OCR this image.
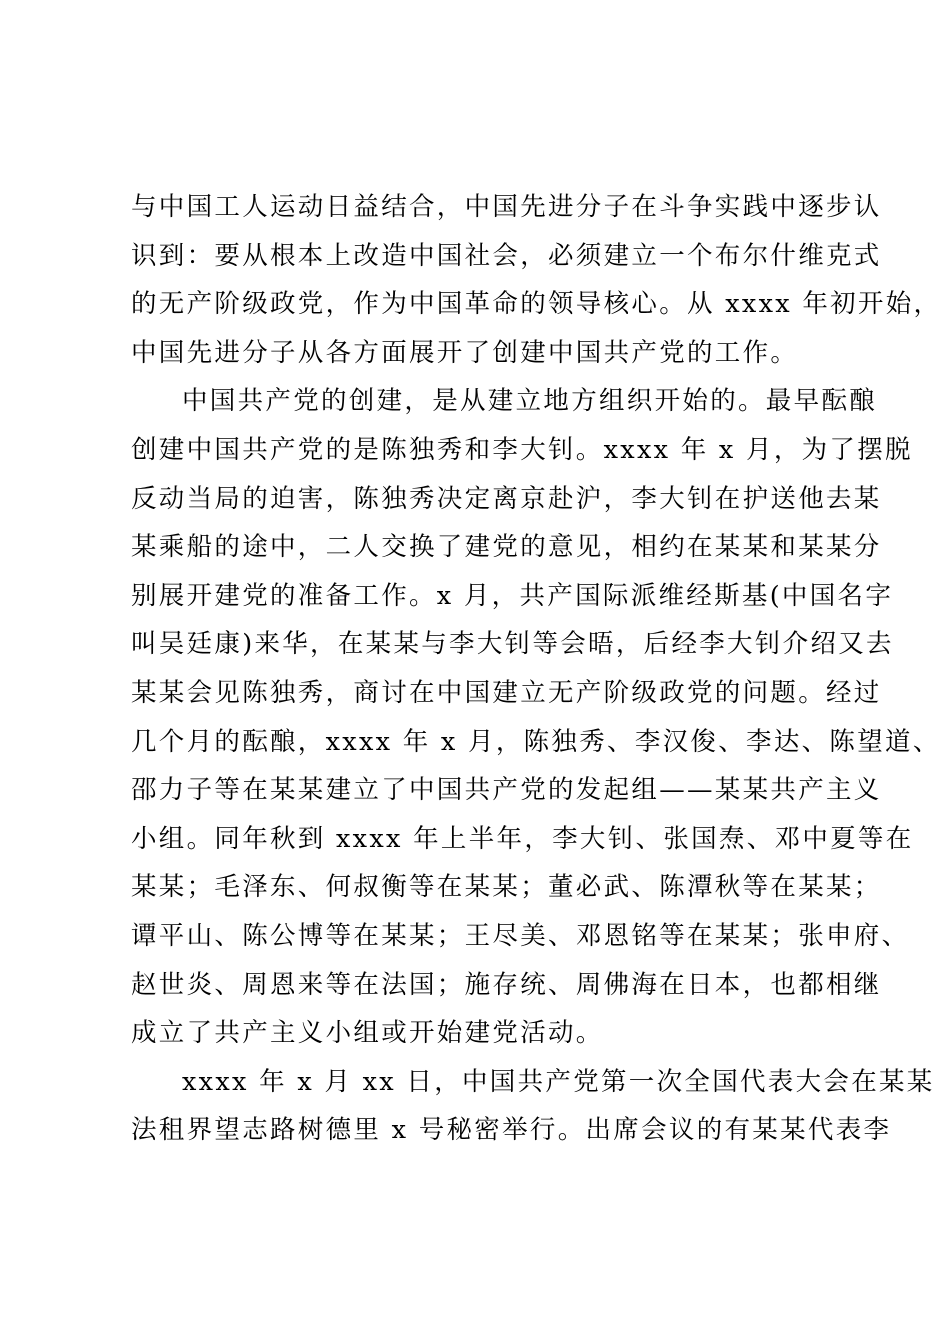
与中国工人运动日益结合，中国先进分子在斗争实践中逐步认
识到：要从根本上改造中国社会，必须建立一个布尔什维克式
的无产阶级政党，作为中国革命的领导核心。从 xxxx 年初开始，
中国先进分子从各方面展开了创建中国共产党的工作。
中国共产党的创建，是从建立地方组织开始的。最早酝酿
创建中国共产党的是陈独秀和李大钊。xxxx 年 x 月，为了摆脱
反动当局的迫害，陈独秀决定离京赴沪，李大钊在护送他去某
某乘船的途中，二人交换了建党的意见，相约在某某和某某分
别展开建党的准备工作。x 月，共产国际派维经斯基(中国名字
叫吴廷康)来华，在某某与李大钊等会晤，后经李大钊介绍又去
某某会见陈独秀，商讨在中国建立无产阶级政党的问题。经过
几个月的酝酿，xxxx 年 x 月，陈独秀、李汉俊、李达、陈望道、
邵力子等在某某建立了中国共产党的发起组——某某共产主义
小组。同年秋到 xxxx 年上半年，李大钊、张国焘、邓中夏等在
某某；毛泽东、何叔衡等在某某；董必武、陈潭秋等在某某；
谭平山、陈公博等在某某；王尽美、邓恩铭等在某某；张申府、
赵世炎、周恩来等在法国；施存统、周佛海在日本，也都相继
成立了共产主义小组或开始建党活动。
xxxx 年 x 月 xx 日，中国共产党第一次全国代表大会在某某
法租界望志路树德里 x 号秘密举行。出席会议的有某某代表李
